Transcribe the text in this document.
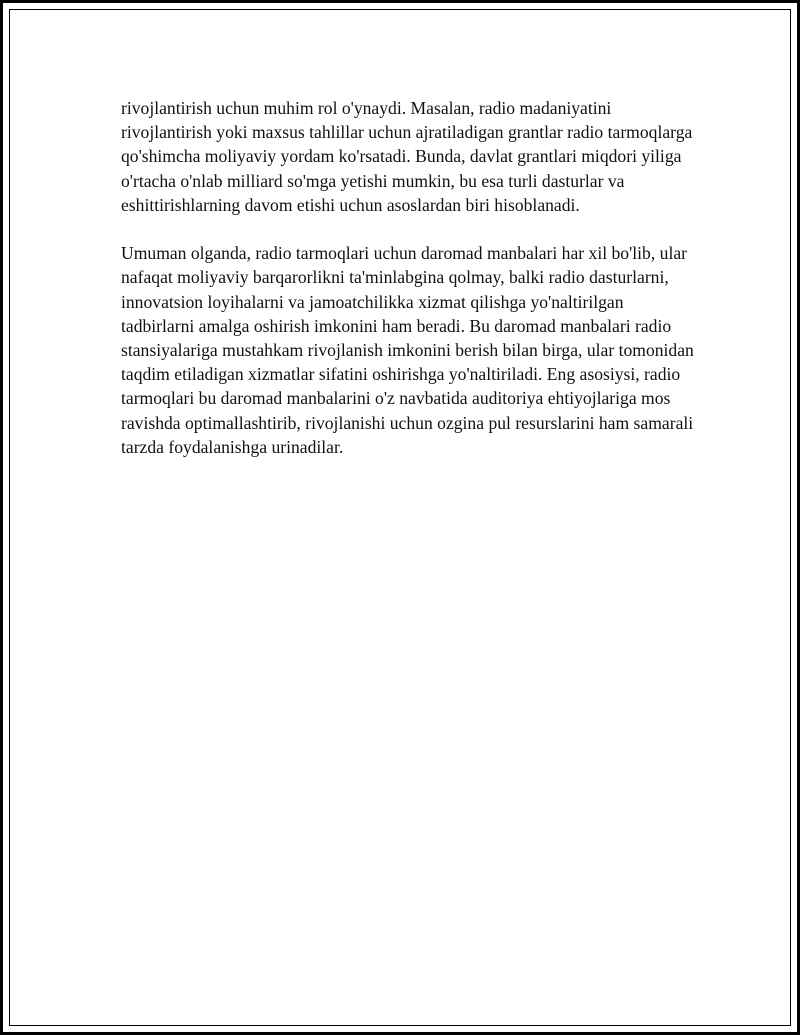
rivojlantirish uchun muhim rol o'ynaydi. Masalan, radio madaniyatini rivojlantirish yoki maxsus tahlillar uchun ajratiladigan grantlar radio tarmoqlarga qo'shimcha moliyaviy yordam ko'rsatadi. Bunda, davlat grantlari miqdori yiliga o'rtacha o'nlab milliard so'mga yetishi mumkin, bu esa turli dasturlar va eshittirishlarning davom etishi uchun asoslardan biri hisoblanadi.

Umuman olganda, radio tarmoqlari uchun daromad manbalari har xil bo'lib, ular nafaqat moliyaviy barqarorlikni ta'minlabgina qolmay, balki radio dasturlarni, innovatsion loyihalarni va jamoatchilikka xizmat qilishga yo'naltirilgan tadbirlarni amalga oshirish imkonini ham beradi. Bu daromad manbalari radio stansiyalariga mustahkam rivojlanish imkonini berish bilan birga, ular tomonidan taqdim etiladigan xizmatlar sifatini oshirishga yo'naltiriladi. Eng asosiysi, radio tarmoqlari bu daromad manbalarini o'z navbatida auditoriya ehtiyojlariga mos ravishda optimallashtirib, rivojlanishi uchun ozgina pul resurslarini ham samarali tarzda foydalanishga urinadilar.
